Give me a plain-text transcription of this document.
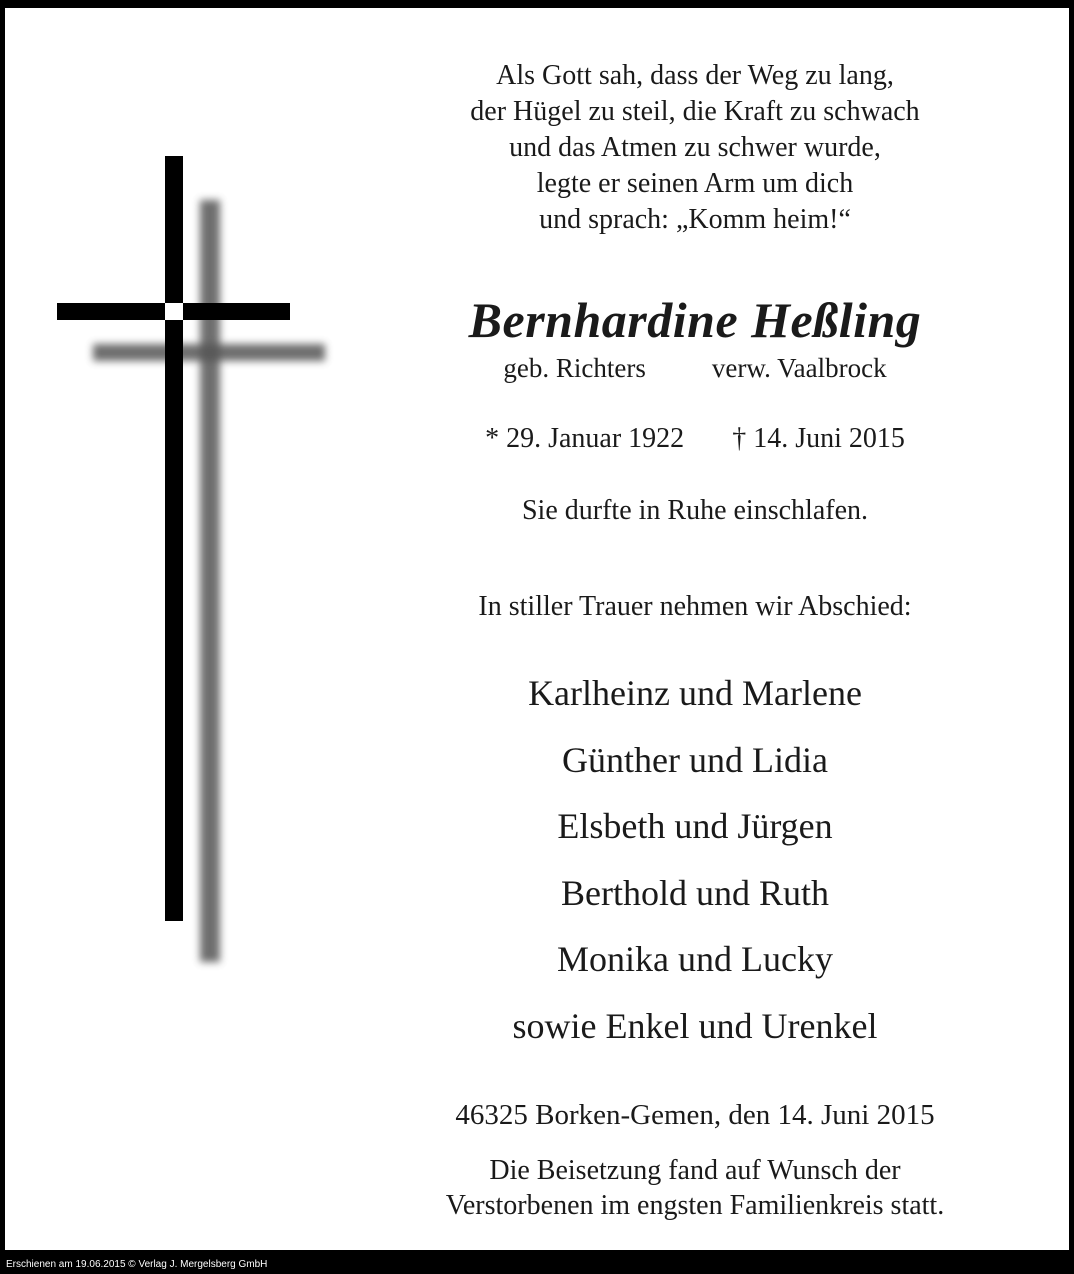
Als Gott sah, dass der Weg zu lang,
der Hügel zu steil, die Kraft zu schwach
und das Atmen zu schwer wurde,
legte er seinen Arm um dich
und sprach: „Komm heim!“
Bernhardine Heßling
geb. Richters verw. Vaalbrock
* 29. Januar 1922 † 14. Juni 2015
Sie durfte in Ruhe einschlafen.
In stiller Trauer nehmen wir Abschied:
Karlheinz und Marlene
Günther und Lidia
Elsbeth und Jürgen
Berthold und Ruth
Monika und Lucky
sowie Enkel und Urenkel
46325 Borken-Gemen, den 14. Juni 2015
Die Beisetzung fand auf Wunsch der
Verstorbenen im engsten Familienkreis statt.
Erschienen am 19.06.2015 © Verlag J. Mergelsberg GmbH
